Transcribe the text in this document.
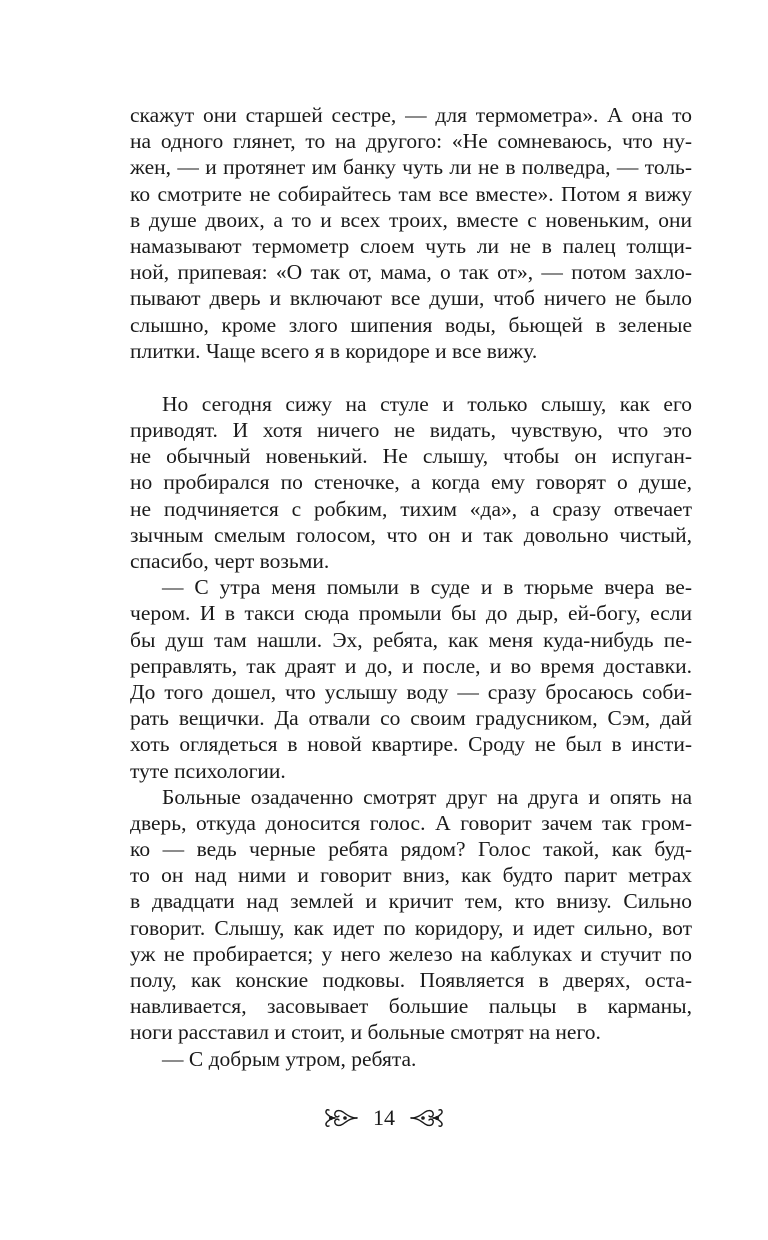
скажут они старшей сестре, — для термометра». А она то
на одного глянет, то на другого: «Не сомневаюсь, что ну-
жен, — и протянет им банку чуть ли не в полведра, — толь-
ко смотрите не собирайтесь там все вместе». Потом я вижу
в душе двоих, а то и всех троих, вместе с новеньким, они
намазывают термометр слоем чуть ли не в палец толщи-
ной, припевая: «О так от, мама, о так от», — потом захло-
пывают дверь и включают все души, чтоб ничего не было
слышно, кроме злого шипения воды, бьющей в зеленые
плитки. Чаще всего я в коридоре и все вижу.
Но сегодня сижу на стуле и только слышу, как его
приводят. И хотя ничего не видать, чувствую, что это
не обычный новенький. Не слышу, чтобы он испуган-
но пробирался по стеночке, а когда ему говорят о душе,
не подчиняется с робким, тихим «да», а сразу отвечает
зычным смелым голосом, что он и так довольно чистый,
спасибо, черт возьми.
— С утра меня помыли в суде и в тюрьме вчера ве-
чером. И в такси сюда промыли бы до дыр, ей-богу, если
бы душ там нашли. Эх, ребята, как меня куда-нибудь пе-
реправлять, так драят и до, и после, и во время доставки.
До того дошел, что услышу воду — сразу бросаюсь соби-
рать вещички. Да отвали со своим градусником, Сэм, дай
хоть оглядеться в новой квартире. Сроду не был в инсти-
туте психологии.
Больные озадаченно смотрят друг на друга и опять на
дверь, откуда доносится голос. А говорит зачем так гром-
ко — ведь черные ребята рядом? Голос такой, как буд-
то он над ними и говорит вниз, как будто парит метрах
в двадцати над землей и кричит тем, кто внизу. Сильно
говорит. Слышу, как идет по коридору, и идет сильно, вот
уж не пробирается; у него железо на каблуках и стучит по
полу, как конские подковы. Появляется в дверях, оста-
навливается, засовывает большие пальцы в карманы,
ноги расставил и стоит, и больные смотрят на него.
— С добрым утром, ребята.
14
